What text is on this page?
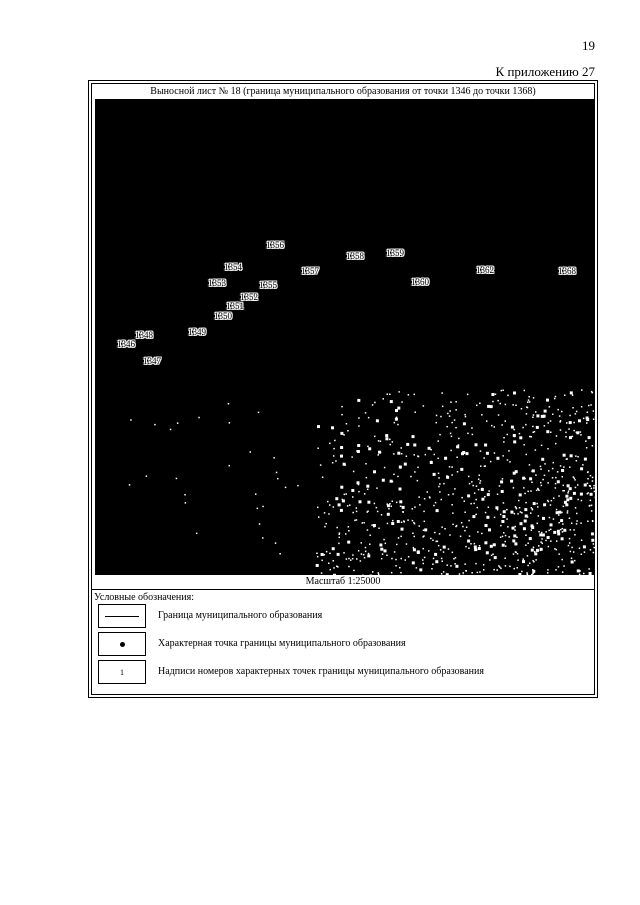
19
К приложению 27
Выносной лист № 18 (граница муниципального образования от точки 1346 до точки 1368)
1346
1347
1348	1349
1350
1351
1352
1353
1354
1355
1356
1357
1358 1359
1360
1362	1368
Масштаб 1:25000
Условные обозначения:
Граница муниципального образования
Характерная точка границы муниципального образования
1	Надписи номеров характерных точек границы муниципального образования
